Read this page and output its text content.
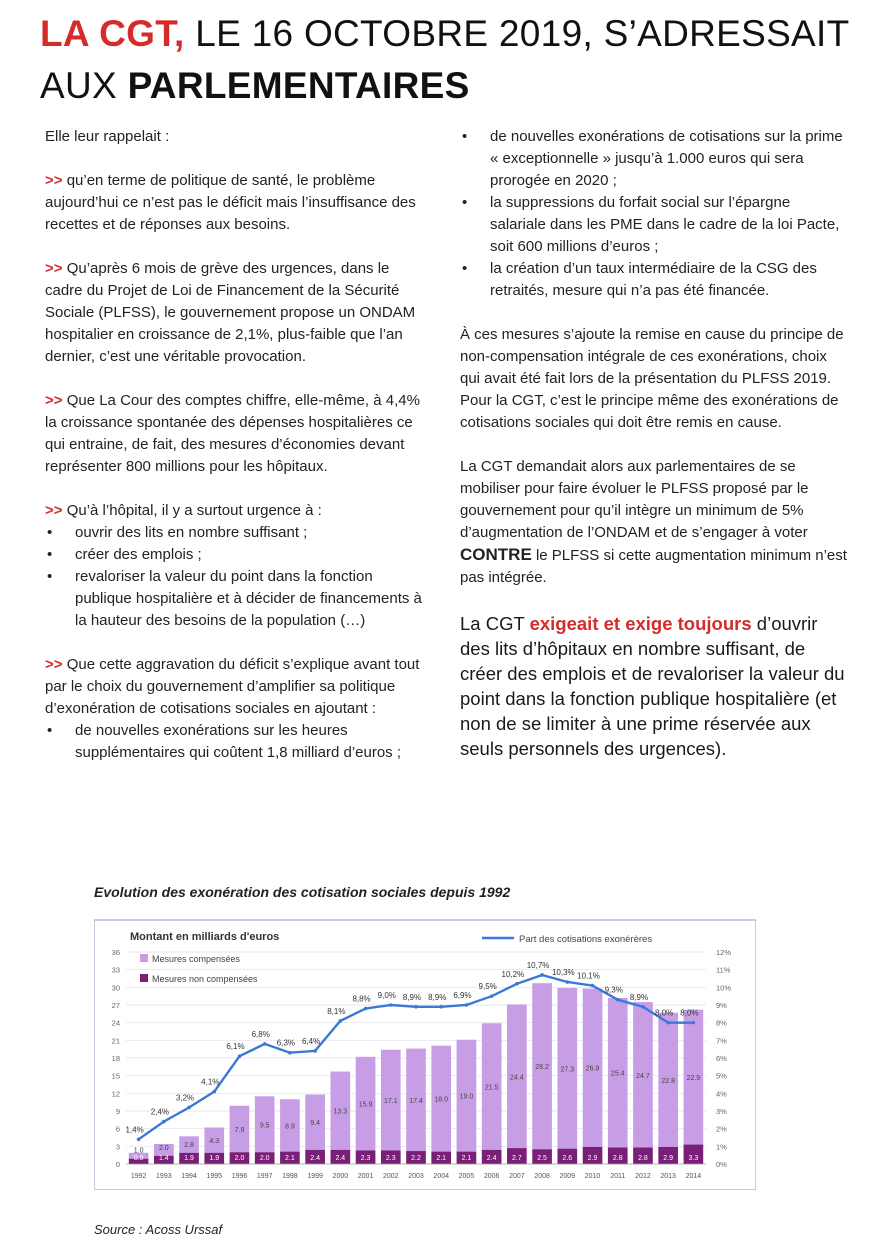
LA CGT, LE 16 OCTOBRE 2019, S’ADRESSAIT AUX PARLEMENTAIRES

Elle leur rappelait :

>> qu’en terme de politique de santé, le problème aujourd’hui ce n’est pas le déficit mais l’insuffisance des recettes et de réponses aux besoins.

>> Qu’après 6 mois de grève des urgences, dans le cadre du Projet de Loi de Financement de la Sécurité Sociale (PLFSS), le gouvernement propose un ONDAM hospitalier en croissance de 2,1%, plus-faible que l’an dernier, c’est une véritable provocation.

>> Que La Cour des comptes chiffre, elle-même, à 4,4% la croissance spontanée des dépenses hospitalières ce qui entraine, de fait, des mesures d’économies devant représenter 800 millions pour les hôpitaux.

>> Qu’à l’hôpital, il y a surtout urgence à :

• ouvrir des lits en nombre suffisant ;

• créer des emplois ;

• revaloriser la valeur du point dans la fonction publique hospitalière et à décider de financements à la hauteur des besoins de la population (…)

>> Que cette aggravation du déficit s’explique avant tout par le choix du gouvernement d’amplifier sa politique d’exonération de cotisations sociales en ajoutant :

• de nouvelles exonérations sur les heures supplémentaires qui coûtent 1,8 milliard d’euros ;

• de nouvelles exonérations de cotisations sur la prime « exceptionnelle » jusqu’à 1.000 euros qui sera prorogée en 2020 ;

• la suppressions du forfait social sur l’épargne salariale dans les PME dans le cadre de la loi Pacte, soit 600 millions d’euros ;

• la création d’un taux intermédiaire de la CSG des retraités, mesure qui n’a pas été financée.

À ces mesures s’ajoute la remise en cause du principe de non-compensation intégrale de ces exonérations, choix qui avait été fait lors de la présentation du PLFSS 2019. Pour la CGT, c’est le principe même des exonérations de cotisations sociales qui doit être remis en cause.

La CGT demandait alors aux parlementaires de se mobiliser pour faire évoluer le PLFSS proposé par le gouvernement pour qu’il intègre un minimum de 5% d’augmentation de l’ONDAM et de s’engager à voter CONTRE le PLFSS si cette augmentation minimum n’est pas intégrée.

La CGT exigeait et exige toujours d’ouvrir des lits d’hôpitaux en nombre suffisant, de créer des emplois et de revaloriser la valeur du point dans la fonction publique hospitalière (et non de se limiter à une prime réservée aux seuls personnels des urgences).

Evolution des exonération des cotisation sociales depuis 1992
Montant en milliards d'euros
Mesures compensées
Mesures non compensées
Part des cotisations exonérères
0.9
1.0
1.4
2.0
1.9
2.8
1.9
4.3
2.0
7.9
2.0
9.5
2.1
8.9
2.4
9.4
2.4
13.3
2.3
15.9
2.3
17.1
2.2
17.4
2.1
18.0
2.1
19.0
2.4
21.5
2.7
24.4
2.5
28.2
2.6
27.3
2.9
26.9
2.8
25.4
2.8
24.7
2.9
22.8
3.3
22.9
1,4%
2,4%
3,2%
4,1%
6,1%
6,8%
6,3% 6,4%
8,1%
8,8% 9,0% 8,9% 8,9% 6,9%
9,5%
10,2%
10,7%
10,3% 10,1%
9,3%
8,9%
8,0% 8,0%
0
3
6
9
12
15
18
21
24
27
30
33
36
0%
1%
2%
3%
4%
5%
6%
7%
8%
9%
10%
11%
12%
1992 1993 1994 1995 1996 1997 1998 1999 2000 2001 2002 2003 2004 2005 2006 2007 2008 2009 2010 2011 2012 2013 2014
Source : Acoss Urssaf
